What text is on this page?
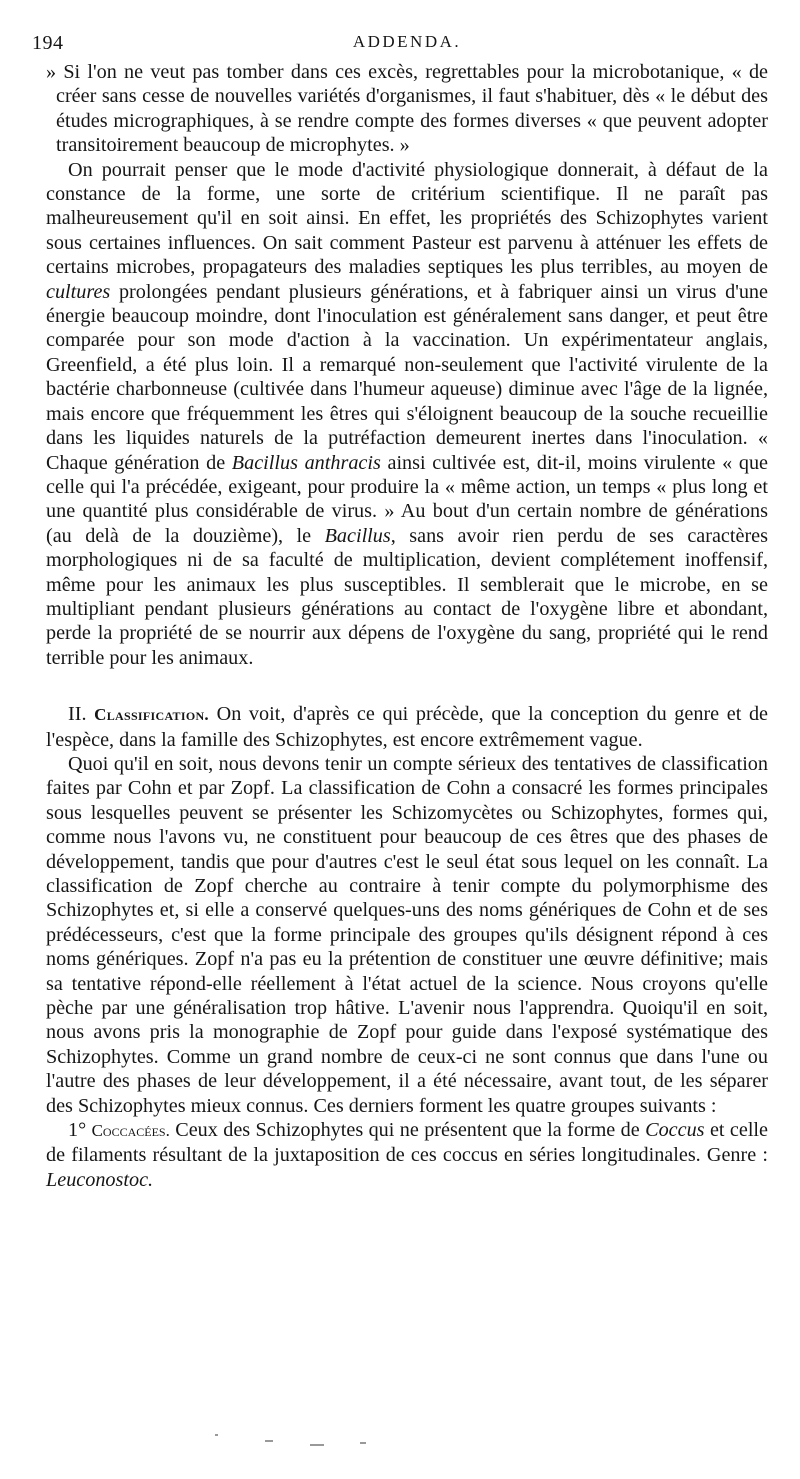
194	ADDENDA.

» Si l'on ne veut pas tomber dans ces excès, regrettables pour la microbotanique, « de créer sans cesse de nouvelles variétés d'organismes, il faut s'habituer, dès « le début des études micrographiques, à se rendre compte des formes diverses « que peuvent adopter transitoirement beaucoup de microphytes. »

On pourrait penser que le mode d'activité physiologique donnerait, à défaut de la constance de la forme, une sorte de critérium scientifique. Il ne paraît pas malheureusement qu'il en soit ainsi. En effet, les propriétés des Schizophytes varient sous certaines influences. On sait comment Pasteur est parvenu à atténuer les effets de certains microbes, propagateurs des maladies septiques les plus terribles, au moyen de cultures prolongées pendant plusieurs générations, et à fabriquer ainsi un virus d'une énergie beaucoup moindre, dont l'inoculation est généralement sans danger, et peut être comparée pour son mode d'action à la vaccination. Un expérimentateur anglais, Greenfield, a été plus loin. Il a remarqué non-seulement que l'activité virulente de la bactérie charbonneuse (cultivée dans l'humeur aqueuse) diminue avec l'âge de la lignée, mais encore que fréquemment les êtres qui s'éloignent beaucoup de la souche recueillie dans les liquides naturels de la putréfaction demeurent inertes dans l'inoculation. « Chaque génération de Bacillus anthracis ainsi cultivée est, dit-il, moins virulente « que celle qui l'a précédée, exigeant, pour produire la « même action, un temps « plus long et une quantité plus considérable de virus. » Au bout d'un certain nombre de générations (au delà de la douzième), le Bacillus, sans avoir rien perdu de ses caractères morphologiques ni de sa faculté de multiplication, devient complétement inoffensif, même pour les animaux les plus susceptibles. Il semblerait que le microbe, en se multipliant pendant plusieurs générations au contact de l'oxygène libre et abondant, perde la propriété de se nourrir aux dépens de l'oxygène du sang, propriété qui le rend terrible pour les animaux.

II. Classification. On voit, d'après ce qui précède, que la conception du genre et de l'espèce, dans la famille des Schizophytes, est encore extrêmement vague.

Quoi qu'il en soit, nous devons tenir un compte sérieux des tentatives de classification faites par Cohn et par Zopf. La classification de Cohn a consacré les formes principales sous lesquelles peuvent se présenter les Schizomycètes ou Schizophytes, formes qui, comme nous l'avons vu, ne constituent pour beaucoup de ces êtres que des phases de développement, tandis que pour d'autres c'est le seul état sous lequel on les connaît. La classification de Zopf cherche au contraire à tenir compte du polymorphisme des Schizophytes et, si elle a conservé quelques-uns des noms génériques de Cohn et de ses prédécesseurs, c'est que la forme principale des groupes qu'ils désignent répond à ces noms génériques. Zopf n'a pas eu la prétention de constituer une œuvre définitive; mais sa tentative répond-elle réellement à l'état actuel de la science. Nous croyons qu'elle pèche par une généralisation trop hâtive. L'avenir nous l'apprendra. Quoiqu'il en soit, nous avons pris la monographie de Zopf pour guide dans l'exposé systématique des Schizophytes. Comme un grand nombre de ceux-ci ne sont connus que dans l'une ou l'autre des phases de leur développement, il a été nécessaire, avant tout, de les séparer des Schizophytes mieux connus. Ces derniers forment les quatre groupes suivants :

1° Coccacées. Ceux des Schizophytes qui ne présentent que la forme de Coccus et celle de filaments résultant de la juxtaposition de ces coccus en séries longitudinales. Genre : Leuconostoc.
